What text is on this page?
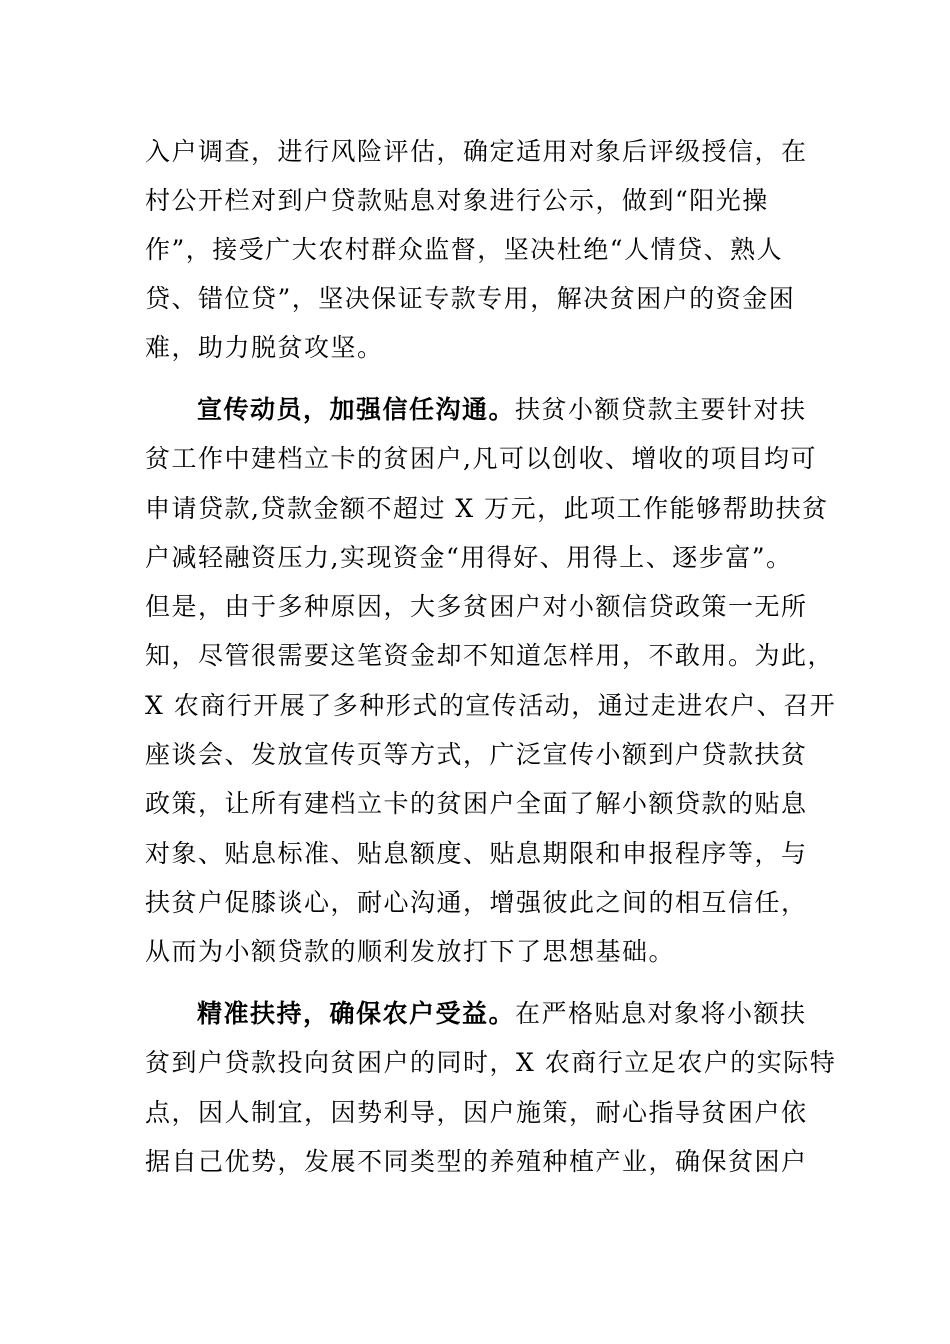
入户调查，进行风险评估，确定适用对象后评级授信，在
村公开栏对到户贷款贴息对象进行公示，做到“阳光操
作”，接受广大农村群众监督，坚决杜绝“人情贷、熟人
贷、错位贷”，坚决保证专款专用，解决贫困户的资金困
难，助力脱贫攻坚。
宣传动员，加强信任沟通。扶贫小额贷款主要针对扶
贫工作中建档立卡的贫困户,凡可以创收、增收的项目均可
申请贷款,贷款金额不超过 X 万元，此项工作能够帮助扶贫
户减轻融资压力,实现资金“用得好、用得上、逐步富”。
但是，由于多种原因，大多贫困户对小额信贷政策一无所
知，尽管很需要这笔资金却不知道怎样用，不敢用。为此，
X 农商行开展了多种形式的宣传活动，通过走进农户、召开
座谈会、发放宣传页等方式，广泛宣传小额到户贷款扶贫
政策，让所有建档立卡的贫困户全面了解小额贷款的贴息
对象、贴息标准、贴息额度、贴息期限和申报程序等，与
扶贫户促膝谈心，耐心沟通，增强彼此之间的相互信任，
从而为小额贷款的顺利发放打下了思想基础。
精准扶持，确保农户受益。在严格贴息对象将小额扶
贫到户贷款投向贫困户的同时，X 农商行立足农户的实际特
点，因人制宜，因势利导，因户施策，耐心指导贫困户依
据自己优势，发展不同类型的养殖种植产业，确保贫困户
